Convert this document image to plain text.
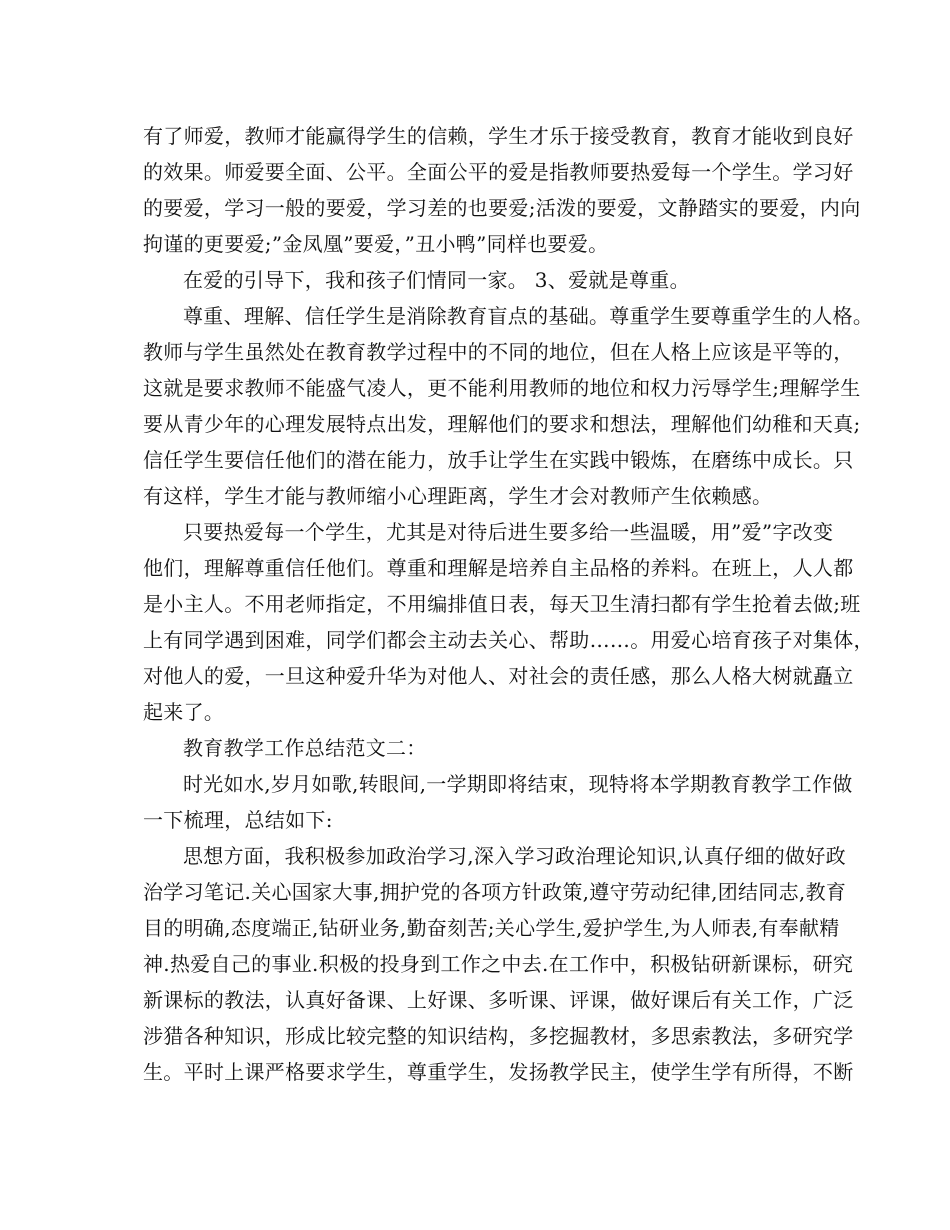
有了师爱，教师才能赢得学生的信赖，学生才乐于接受教育，教育才能收到良好
的效果。师爱要全面、公平。全面公平的爱是指教师要热爱每一个学生。学习好
的要爱，学习一般的要爱，学习差的也要爱;活泼的要爱，文静踏实的要爱，内向
拘谨的更要爱;”金凤凰”要爱，”丑小鸭”同样也要爱。
在爱的引导下，我和孩子们情同一家。 3、爱就是尊重。
尊重、理解、信任学生是消除教育盲点的基础。尊重学生要尊重学生的人格。
教师与学生虽然处在教育教学过程中的不同的地位，但在人格上应该是平等的，
这就是要求教师不能盛气凌人，更不能利用教师的地位和权力污辱学生;理解学生
要从青少年的心理发展特点出发，理解他们的要求和想法，理解他们幼稚和天真;
信任学生要信任他们的潜在能力，放手让学生在实践中锻炼，在磨练中成长。只
有这样，学生才能与教师缩小心理距离，学生才会对教师产生依赖感。
只要热爱每一个学生，尤其是对待后进生要多给一些温暖，用”爱”字改变
他们，理解尊重信任他们。尊重和理解是培养自主品格的养料。在班上，人人都
是小主人。不用老师指定，不用编排值日表，每天卫生清扫都有学生抢着去做;班
上有同学遇到困难，同学们都会主动去关心、帮助……。用爱心培育孩子对集体，
对他人的爱，一旦这种爱升华为对他人、对社会的责任感，那么人格大树就矗立
起来了。
教育教学工作总结范文二：
时光如水,岁月如歌,转眼间,一学期即将结束，现特将本学期教育教学工作做
一下梳理，总结如下:
思想方面，我积极参加政治学习,深入学习政治理论知识,认真仔细的做好政
治学习笔记.关心国家大事,拥护党的各项方针政策,遵守劳动纪律,团结同志,教育
目的明确,态度端正,钻研业务,勤奋刻苦;关心学生,爱护学生,为人师表,有奉献精
神.热爱自己的事业.积极的投身到工作之中去.在工作中，积极钻研新课标，研究
新课标的教法，认真好备课、上好课、多听课、评课，做好课后有关工作，广泛
涉猎各种知识，形成比较完整的知识结构，多挖掘教材，多思索教法，多研究学
生。平时上课严格要求学生，尊重学生，发扬教学民主，使学生学有所得，不断
